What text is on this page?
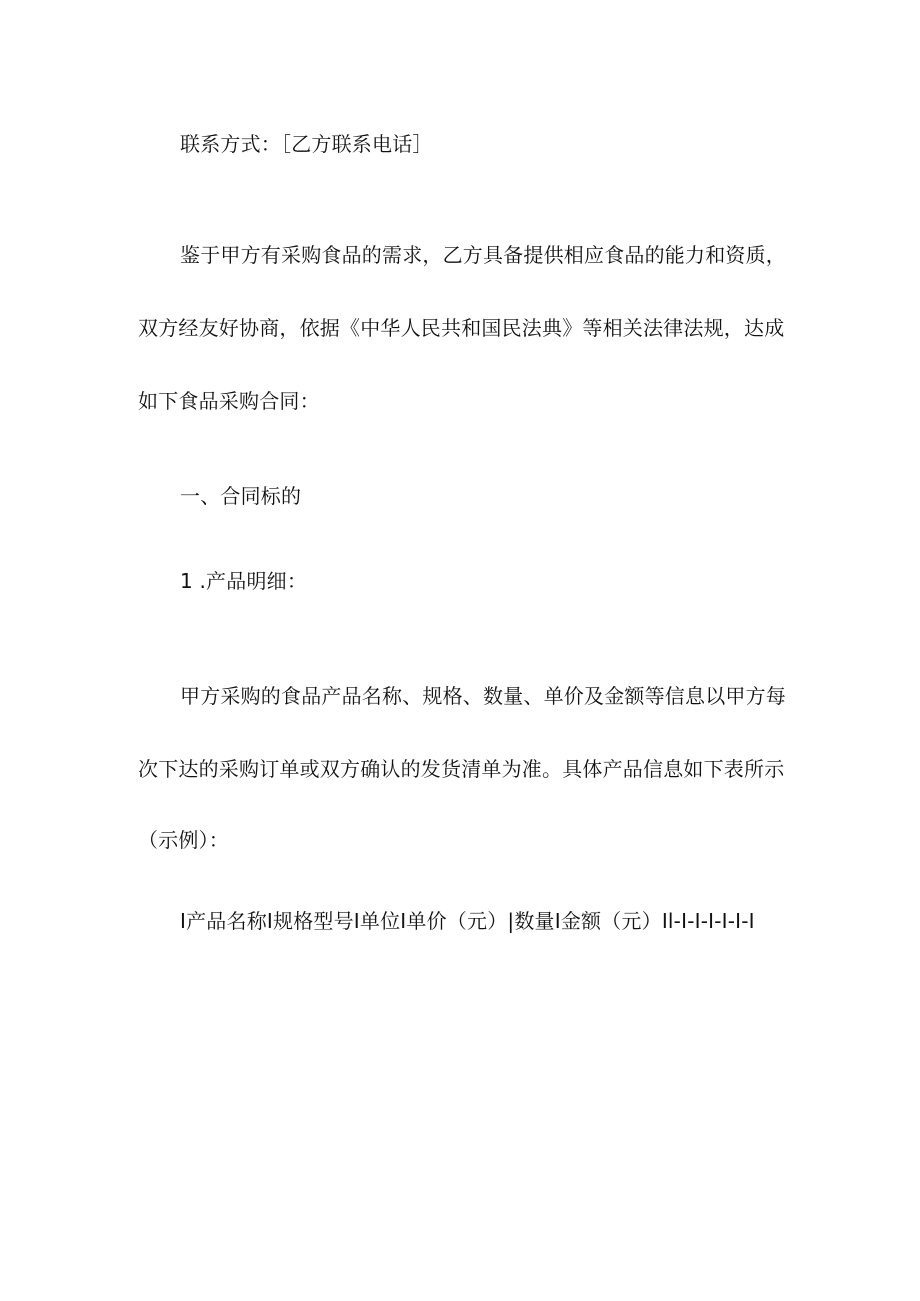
联系方式：［乙方联系电话］
鉴于甲方有采购食品的需求，乙方具备提供相应食品的能力和资质，
双方经友好协商，依据《中华人民共和国民法典》等相关法律法规，达成
如下食品采购合同：
一、合同标的
1 .产品明细：
甲方采购的食品产品名称、规格、数量、单价及金额等信息以甲方每
次下达的采购订单或双方确认的发货清单为准。具体产品信息如下表所示
（示例）：
I产品名称I规格型号I单位I单价（元）|数量I金额（元）Il-I-I-I-I-I-I
